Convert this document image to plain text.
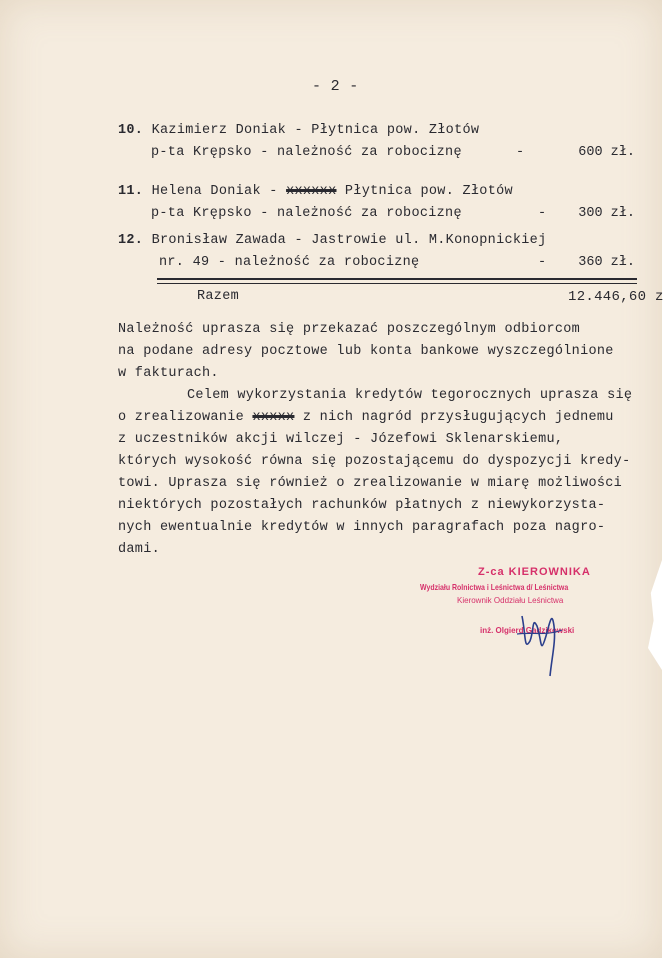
- 2 -
10. Kazimierz Doniak - Płytnica pow. Złotów
p-ta Krępsko - należność za robociznę	-	600 zł.
11. Helena Doniak - xxxxxx Płytnica pow. Złotów
p-ta Krępsko - należność za robociznę	-	300 zł.
12. Bronisław Zawada - Jastrowie ul. M.Konopnickiej
nr. 49 - należność za robociznę	-	360 zł.
Razem	12.446,60 z
Należność uprasza się przekazać poszczególnym odbiorcom
na podane adresy pocztowe lub konta bankowe wyszczególnione
w fakturach.
Celem wykorzystania kredytów tegorocznych uprasza się
o zrealizowanie xxxxx z nich nagród przysługujących jednemu
z uczestników akcji wilczej - Józefowi Sklenarskiemu,
których wysokość równa się pozostającemu do dyspozycji kredy-
towi. Uprasza się również o zrealizowanie w miarę możliwości
niektórych pozostałych rachunków płatnych z niewykorzysta-
nych ewentualnie kredytów w innych paragrafach poza nagro-
dami.
Z-ca KIEROWNIKA
Wydziału Rolnictwa i Leśnictwa d/ Leśnictwa
Kierownik Oddziału Leśnictwa
inż. Olgierd Gadzikowski
